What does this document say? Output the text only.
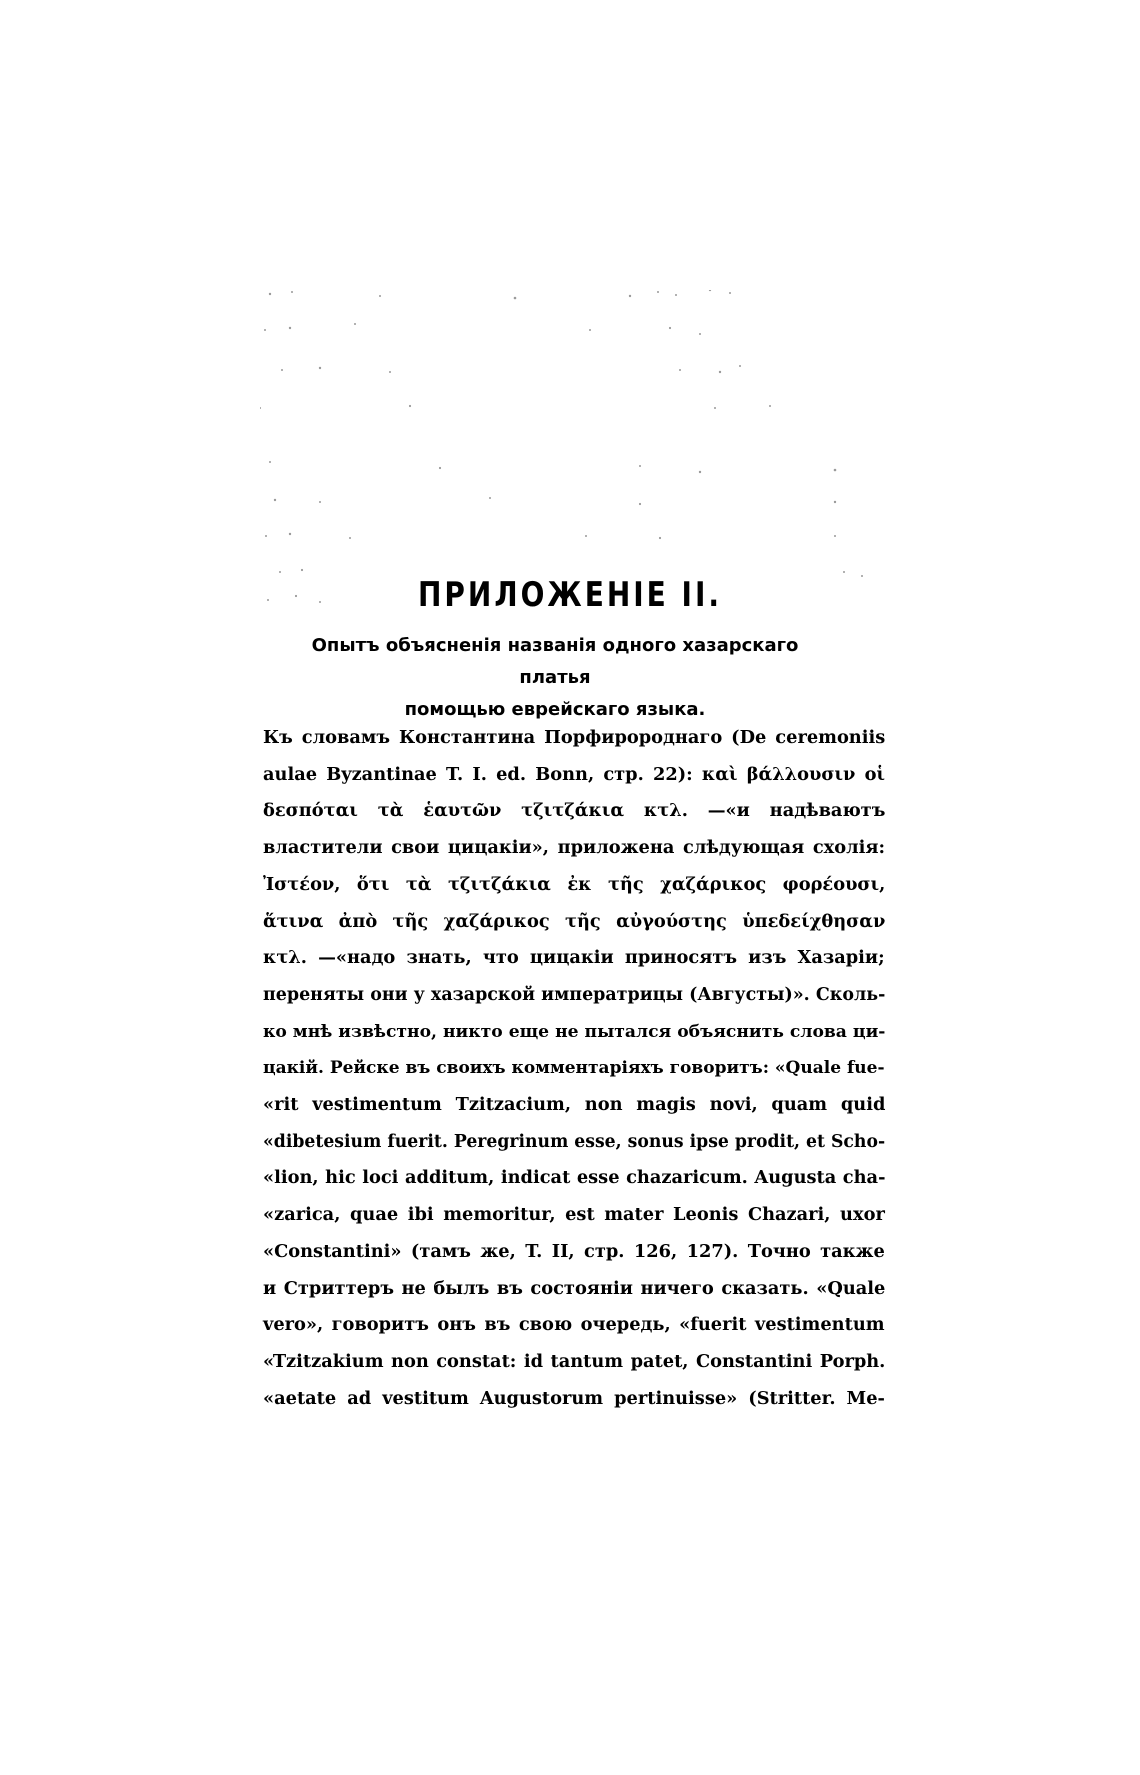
ПРИЛОЖЕНІЕ II.
Опытъ объясненія названія одного хазарскаго платья
помощью еврейскаго языка.
Къ словамъ Константина Порфиророднаго (De ceremoniis
aulae Byzantinae T. I. ed. Bonn, стр. 22): καὶ βάλλουσιν οἱ
δεσπόται τὰ ἑαυτῶν τζιτζάκια κτλ. —«и надѣваютъ
властители свои цицакіи», приложена слѣдующая схолія:
Ἰστέον, ὅτι τὰ τζιτζάκια ἐκ τῆς χαζάρικος φορέουσι,
ἅτινα ἀπὸ τῆς χαζάρικος τῆς αὐγούστης ὑπεδείχθησαν
κτλ. —«надо знать, что цицакіи приносятъ изъ Хазаріи;
переняты они у хазарской императрицы (Августы)». Сколь-
ко мнѣ извѣстно, никто еще не пытался объяснить слова ци-
цакій. Рейске въ своихъ комментаріяхъ говоритъ: «Quale fue-
«rit vestimentum Tzitzacium, non magis novi, quam quid
«dibetesium fuerit. Peregrinum esse, sonus ipse prodit, et Scho-
«lion, hic loci additum, indicat esse chazaricum. Augusta cha-
«zarica, quae ibi memoritur, est mater Leonis Chazari, uxor
«Constantini» (тамъ же, T. II, стр. 126, 127). Точно также
и Стриттеръ не былъ въ состояніи ничего сказать. «Quale
vero», говоритъ онъ въ свою очередь, «fuerit vestimentum
«Tzitzakium non constat: id tantum patet, Constantini Porph.
«aetate ad vestitum Augustorum pertinuisse» (Stritter. Me-
